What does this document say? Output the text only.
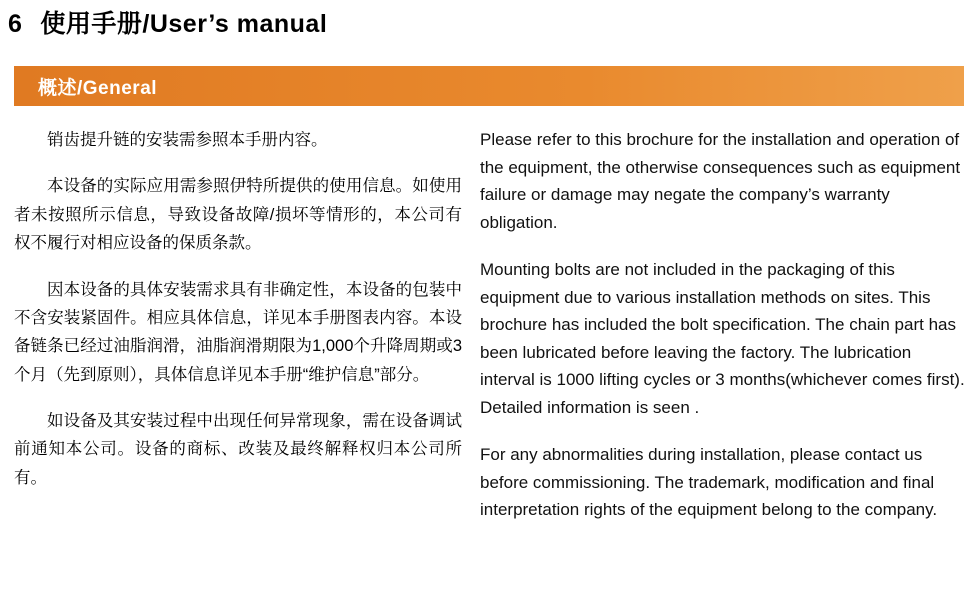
6 使用手册/User’s manual
概述/General

销齿提升链的安装需参照本手册内容。

本设备的实际应用需参照伊特所提供的使用信息。如使用者未按照所示信息，导致设备故障/损坏等情形的，本公司有权不履行对相应设备的保质条款。

因本设备的具体安装需求具有非确定性，本设备的包装中不含安装紧固件。相应具体信息，详见本手册图表内容。本设备链条已经过油脂润滑，油脂润滑期限为1,000个升降周期或3个月（先到原则），具体信息详见本手册“维护信息”部分。

如设备及其安装过程中出现任何异常现象，需在设备调试前通知本公司。设备的商标、改装及最终解释权归本公司所有。

Please refer to this brochure for the installation and operation of the equipment, the otherwise consequences such as equipment failure or damage may negate the company’s warranty obligation.

Mounting bolts are not included in the packaging of this equipment due to various installation methods on sites. This brochure has included the bolt specification. The chain part has been lubricated before leaving the factory. The lubrication interval is 1000 lifting cycles or 3 months(whichever comes first). Detailed information is seen .

For any abnormalities during installation, please contact us before commissioning. The trademark, modification and final interpretation rights of the equipment belong to the company.
